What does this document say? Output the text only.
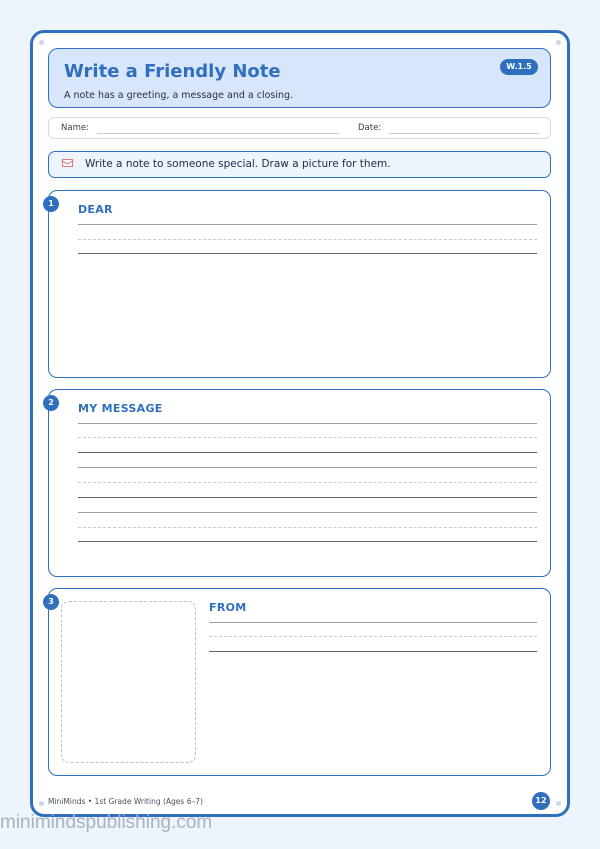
Write a Friendly Note
A note has a greeting, a message and a closing.
W.1.5
Name:	Date:
Write a note to someone special. Draw a picture for them.
1	DEAR
2	MY MESSAGE
3	FROM
MiniMinds • 1st Grade Writing (Ages 6–7)	12
minimindspublishing.com
